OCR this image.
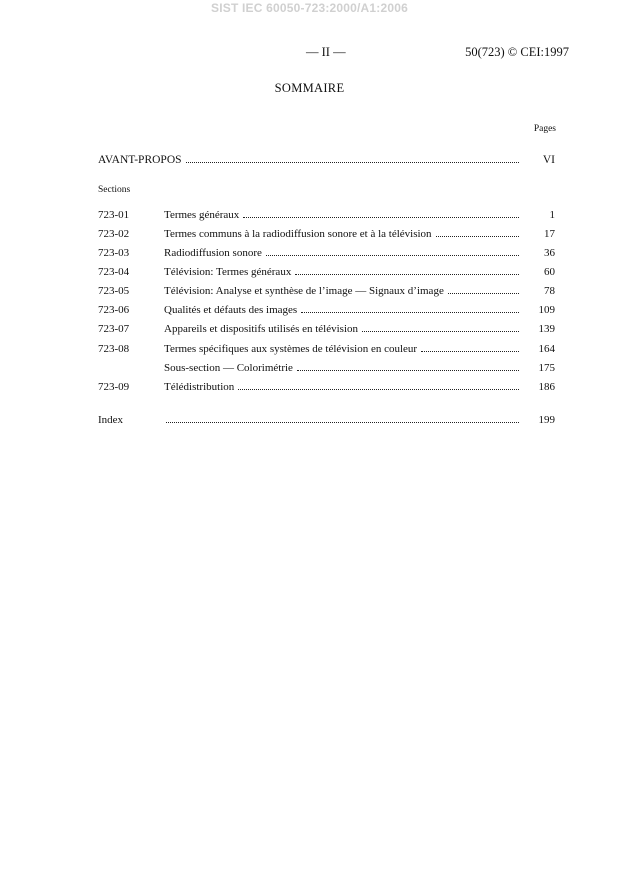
SIST IEC 60050-723:2000/A1:2006
— II —	50(723) © CEI:1997
SOMMAIRE
Pages
AVANT-PROPOS	VI
Sections
723-01	Termes généraux	1
723-02	Termes communs à la radiodiffusion sonore et à la télévision	17
723-03	Radiodiffusion sonore	36
723-04	Télévision: Termes généraux	60
723-05	Télévision: Analyse et synthèse de l’image — Signaux d’image	78
723-06	Qualités et défauts des images	109
723-07	Appareils et dispositifs utilisés en télévision	139
723-08	Termes spécifiques aux systèmes de télévision en couleur	164
Sous-section — Colorimétrie	175
723-09	Télédistribution	186
Index	199
